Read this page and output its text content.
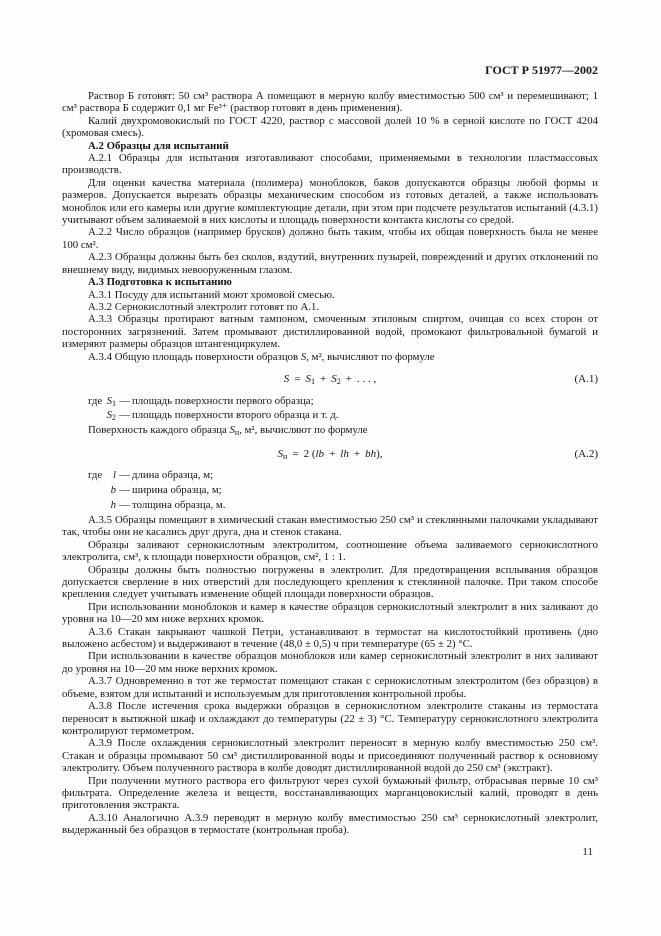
ГОСТ Р 51977—2002

Раствор Б готовят: 50 см³ раствора А помещают в мерную колбу вместимостью 500 см³ и перемешивают; 1 см³ раствора Б содержит 0,1 мг Fe³⁺ (раствор готовят в день применения).

Калий двухромовокислый по ГОСТ 4220, раствор с массовой долей 10 % в серной кислоте по ГОСТ 4204 (хромовая смесь).

А.2 Образцы для испытаний

А.2.1 Образцы для испытания изготавливают способами, применяемыми в технологии пластмассовых производств.

Для оценки качества материала (полимера) моноблоков, баков допускаются образцы любой формы и размеров. Допускается вырезать образцы механическим способом из готовых деталей, а также использовать моноблок или его камеры или другие комплектующие детали, при этом при подсчете результатов испытаний (4.3.1) учитывают объем заливаемой в них кислоты и площадь поверхности контакта кислоты со средой.

А.2.2 Число образцов (например брусков) должно быть таким, чтобы их общая поверхность была не менее 100 см².

А.2.3 Образцы должны быть без сколов, вздутий, внутренних пузырей, повреждений и других отклонений по внешнему виду, видимых невооруженным глазом.

А.3 Подготовка к испытанию

А.3.1 Посуду для испытаний моют хромовой смесью.

А.3.2 Сернокислотный электролит готовят по А.1.

А.3.3 Образцы протирают ватным тампоном, смоченным этиловым спиртом, очищая со всех сторон от посторонних загрязнений. Затем промывают дистиллированной водой, промокают фильтровальной бумагой и измеряют размеры образцов штангенциркулем.

А.3.4 Общую площадь поверхности образцов S, м², вычисляют по формуле

$S = S_1 + S_2$ + . . . ,	(А.1)
где $S_1$ — площадь поверхности первого образца;
$S_2$ — площадь поверхности второго образца и т. д.
Поверхность каждого образца $S_н$, м², вычисляют по формуле
$S_н = 2$ (lb + lh + bh),	(А.2)
где	l — длина образца, м;
b — ширина образца, м;
h — толщина образца, м.

А.3.5 Образцы помещают в химический стакан вместимостью 250 см³ и стеклянными палочками укладывают так, чтобы они не касались друг друга, дна и стенок стакана.

Образцы заливают сернокислотным электролитом, соотношение объема заливаемого сернокислотного электролита, см³, к площади поверхности образцов, см², 1 : 1.

Образцы должны быть полностью погружены в электролит. Для предотвращения всплывания образцов допускается сверление в них отверстий для последующего крепления к стеклянной палочке. При таком способе крепления следует учитывать изменение общей площади поверхности образцов.

При использовании моноблоков и камер в качестве образцов сернокислотный электролит в них заливают до уровня на 10—20 мм ниже верхних кромок.

А.3.6 Стакан закрывают чашкой Петри, устанавливают в термостат на кислотостойкий противень (дно выложено асбестом) и выдерживают в течение (48,0 ± 0,5) ч при температуре (65 ± 2) °С.

При использовании в качестве образцов моноблоков или камер сернокислотный электролит в них заливают до уровня на 10—20 мм ниже верхних кромок.

А.3.7 Одновременно в тот же термостат помещают стакан с сернокислотным электролитом (без образцов) в объеме, взятом для испытаний и используемым для приготовления контрольной пробы.

А.3.8 После истечения срока выдержки образцов в сернокислотном электролите стаканы из термостата переносят в вытяжной шкаф и охлаждают до температуры (22 ± 3) °С. Температуру сернокислотного электролита контролируют термометром.

А.3.9 После охлаждения сернокислотный электролит переносят в мерную колбу вместимостью 250 см³. Стакан и образцы промывают 50 см³ дистиллированной воды и присоединяют полученный раствор к основному электролиту. Объем полученного раствора в колбе доводят дистиллированной водой до 250 см³ (экстракт).

При получении мутного раствора его фильтруют через сухой бумажный фильтр, отбрасывая первые 10 см³ фильтрата. Определение железа и веществ, восстанавливающих марганцовокислый калий, проводят в день приготовления экстракта.

А.3.10 Аналогично А.3.9 переводят в мерную колбу вместимостью 250 см³ сернокислотный электролит, выдержанный без образцов в термостате (контрольная проба).

11
